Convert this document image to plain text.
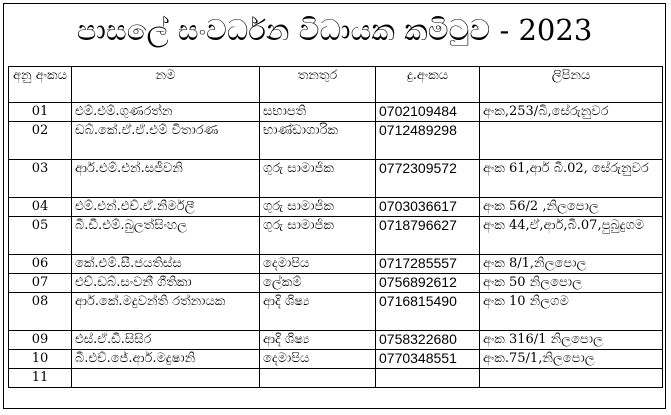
පාසලේ සංවර්ධන විධායක කමිටුව - 2023
අනු අංකය	නම	තනතුර	දු.අංකය	ලිපිනය
01	එම්.එම්.ගුණරත්න	සභාපති	0702109484	අංක,253/බි,සේරුනුවර
02	ඩබ්.කේ.ඒ.ඒ.එම් විතාරණ	භාණ්ඩාගාරික	0712489298	
03	ආර්.එම්.එන්.සජීවනි	ගුරු සාමාජික	0772309572	අංක 61,ආර් බී.02, සේරුනුවර
04	එම්.එන්.එච්.ඒ.නිර්මලී	ගුරු සාමාජික	0703036617	අංක 56/2 ,නිලපොල
05	බී.ඩී.එම්.බුලත්සිංහල	ගුරු සාමාජික	0718796627	අංක 44,ඒ,ආර්,බී.07,පුබුදුගම
06	කේ.එම්.සී.ජයතිස්ස	දෙමාපිය	0717285557	අංක 8/1,නිලපොල
07	එච්.ඩබ්.සංවනී ගීතිකා	ලේකම්	0756892612	අංක 50 නිලපොල
08	ආර්.කේ.මදුවන්ති රත්නායක	ආදි ශිෂ්‍ය	0716815490	අංක 10 නිලගම
09	එස්.ඒ.ඩී.සිසිර	ආදි ශිෂ්‍ය	0758322680	අංක 316/1 නිලපොල
10	බී.එච්.ජේ.ආර්.මදුෂානි	දෙමාපිය	0770348551	අංක.75/1,නිලපොල
11				
